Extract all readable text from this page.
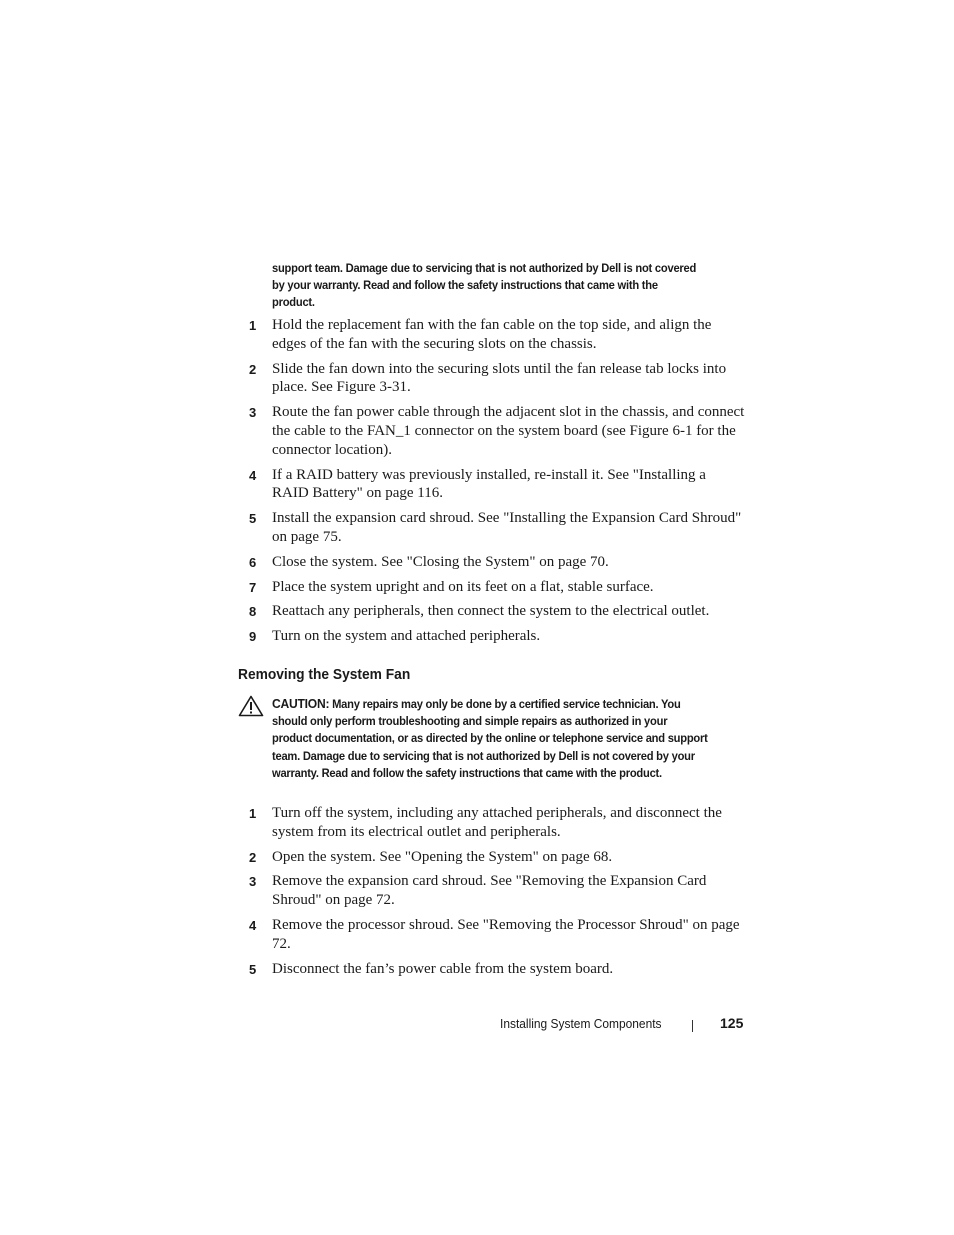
support team. Damage due to servicing that is not authorized by Dell is not covered
by your warranty. Read and follow the safety instructions that came with the
product.
1 Hold the replacement fan with the fan cable on the top side, and align the edges of the fan with the securing slots on the chassis.
2 Slide the fan down into the securing slots until the fan release tab locks into place. See Figure 3-31.
3 Route the fan power cable through the adjacent slot in the chassis, and connect the cable to the FAN_1 connector on the system board (see Figure 6-1 for the connector location).
4 If a RAID battery was previously installed, re-install it. See "Installing a RAID Battery" on page 116.
5 Install the expansion card shroud. See "Installing the Expansion Card Shroud" on page 75.
6 Close the system. See "Closing the System" on page 70.
7 Place the system upright and on its feet on a flat, stable surface.
8 Reattach any peripherals, then connect the system to the electrical outlet.
9 Turn on the system and attached peripherals.
Removing the System Fan
CAUTION: Many repairs may only be done by a certified service technician. You should only perform troubleshooting and simple repairs as authorized in your product documentation, or as directed by the online or telephone service and support team. Damage due to servicing that is not authorized by Dell is not covered by your warranty. Read and follow the safety instructions that came with the product.
1 Turn off the system, including any attached peripherals, and disconnect the system from its electrical outlet and peripherals.
2 Open the system. See "Opening the System" on page 68.
3 Remove the expansion card shroud. See "Removing the Expansion Card Shroud" on page 72.
4 Remove the processor shroud. See "Removing the Processor Shroud" on page 72.
5 Disconnect the fan’s power cable from the system board.
Installing System Components	125
